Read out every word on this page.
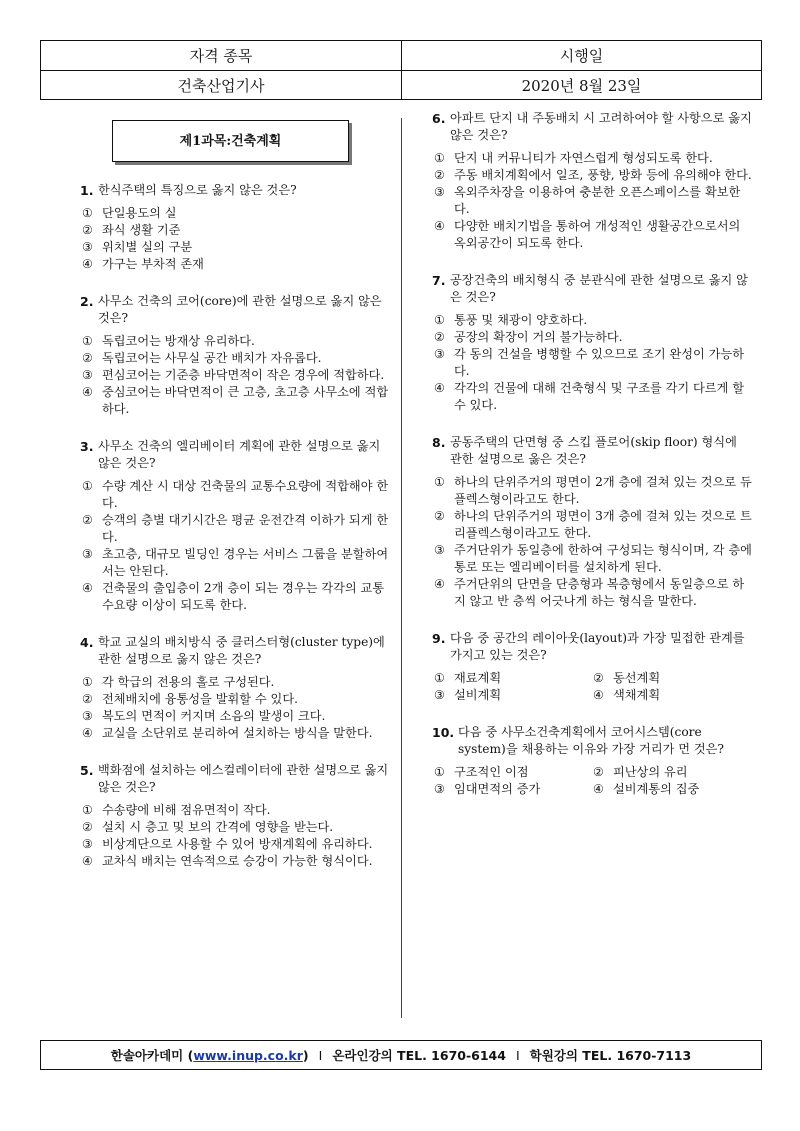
자격 종목	시행일
건축산업기사	2020년 8월 23일
제1과목:건축계획
1. 한식주택의 특징으로 옳지 않은 것은?
① 단일용도의 실
② 좌식 생활 기준
③ 위치별 실의 구분
④ 가구는 부차적 존재
2. 사무소 건축의 코어(core)에 관한 설명으로 옳지 않은 것은?
① 독립코어는 방재상 유리하다.
② 독립코어는 사무실 공간 배치가 자유롭다.
③ 편심코어는 기준층 바닥면적이 작은 경우에 적합하다.
④ 중심코어는 바닥면적이 큰 고층, 초고층 사무소에 적합하다.
3. 사무소 건축의 엘리베이터 계획에 관한 설명으로 옳지 않은 것은?
① 수량 계산 시 대상 건축물의 교통수요량에 적합해야 한다.
② 승객의 층별 대기시간은 평균 운전간격 이하가 되게 한다.
③ 초고층, 대규모 빌딩인 경우는 서비스 그룹을 분할하여서는 안된다.
④ 건축물의 출입층이 2개 층이 되는 경우는 각각의 교통 수요량 이상이 되도록 한다.
4. 학교 교실의 배치방식 중 클러스터형(cluster type)에 관한 설명으로 옳지 않은 것은?
① 각 학급의 전용의 홀로 구성된다.
② 전체배치에 융통성을 발휘할 수 있다.
③ 복도의 면적이 커지며 소음의 발생이 크다.
④ 교실을 소단위로 분리하여 설치하는 방식을 말한다.
5. 백화점에 설치하는 에스컬레이터에 관한 설명으로 옳지 않은 것은?
① 수송량에 비해 점유면적이 작다.
② 설치 시 층고 및 보의 간격에 영향을 받는다.
③ 비상계단으로 사용할 수 있어 방재계획에 유리하다.
④ 교차식 배치는 연속적으로 승강이 가능한 형식이다.
6. 아파트 단지 내 주동배치 시 고려하여야 할 사항으로 옳지 않은 것은?
① 단지 내 커뮤니티가 자연스럽게 형성되도록 한다.
② 주동 배치계획에서 일조, 풍향, 방화 등에 유의해야 한다.
③ 옥외주차장을 이용하여 충분한 오픈스페이스를 확보한다.
④ 다양한 배치기법을 통하여 개성적인 생활공간으로서의 옥외공간이 되도록 한다.
7. 공장건축의 배치형식 중 분관식에 관한 설명으로 옳지 않은 것은?
① 통풍 및 채광이 양호하다.
② 공장의 확장이 거의 불가능하다.
③ 각 동의 건설을 병행할 수 있으므로 조기 완성이 가능하다.
④ 각각의 건물에 대해 건축형식 및 구조를 각기 다르게 할 수 있다.
8. 공동주택의 단면형 중 스킵 플로어(skip floor) 형식에 관한 설명으로 옳은 것은?
① 하나의 단위주거의 평면이 2개 층에 걸쳐 있는 것으로 듀플렉스형이라고도 한다.
② 하나의 단위주거의 평면이 3개 층에 걸쳐 있는 것으로 트리플렉스형이라고도 한다.
③ 주거단위가 동일층에 한하여 구성되는 형식이며, 각 층에 통로 또는 엘리베이터를 설치하게 된다.
④ 주거단위의 단면을 단층형과 복층형에서 동일층으로 하지 않고 반 층씩 어긋나게 하는 형식을 말한다.
9. 다음 중 공간의 레이아웃(layout)과 가장 밀접한 관계를 가지고 있는 것은?
① 재료계획	② 동선계획
③ 설비계획	④ 색채계획
10. 다음 중 사무소건축계획에서 코어시스템(core system)을 채용하는 이유와 가장 거리가 먼 것은?
① 구조적인 이점	② 피난상의 유리
③ 임대면적의 증가	④ 설비계통의 집중
한솔아카데미 ( www.inup.co.kr ) I 온라인강의 TEL. 1670-6144 I 학원강의 TEL. 1670-7113
